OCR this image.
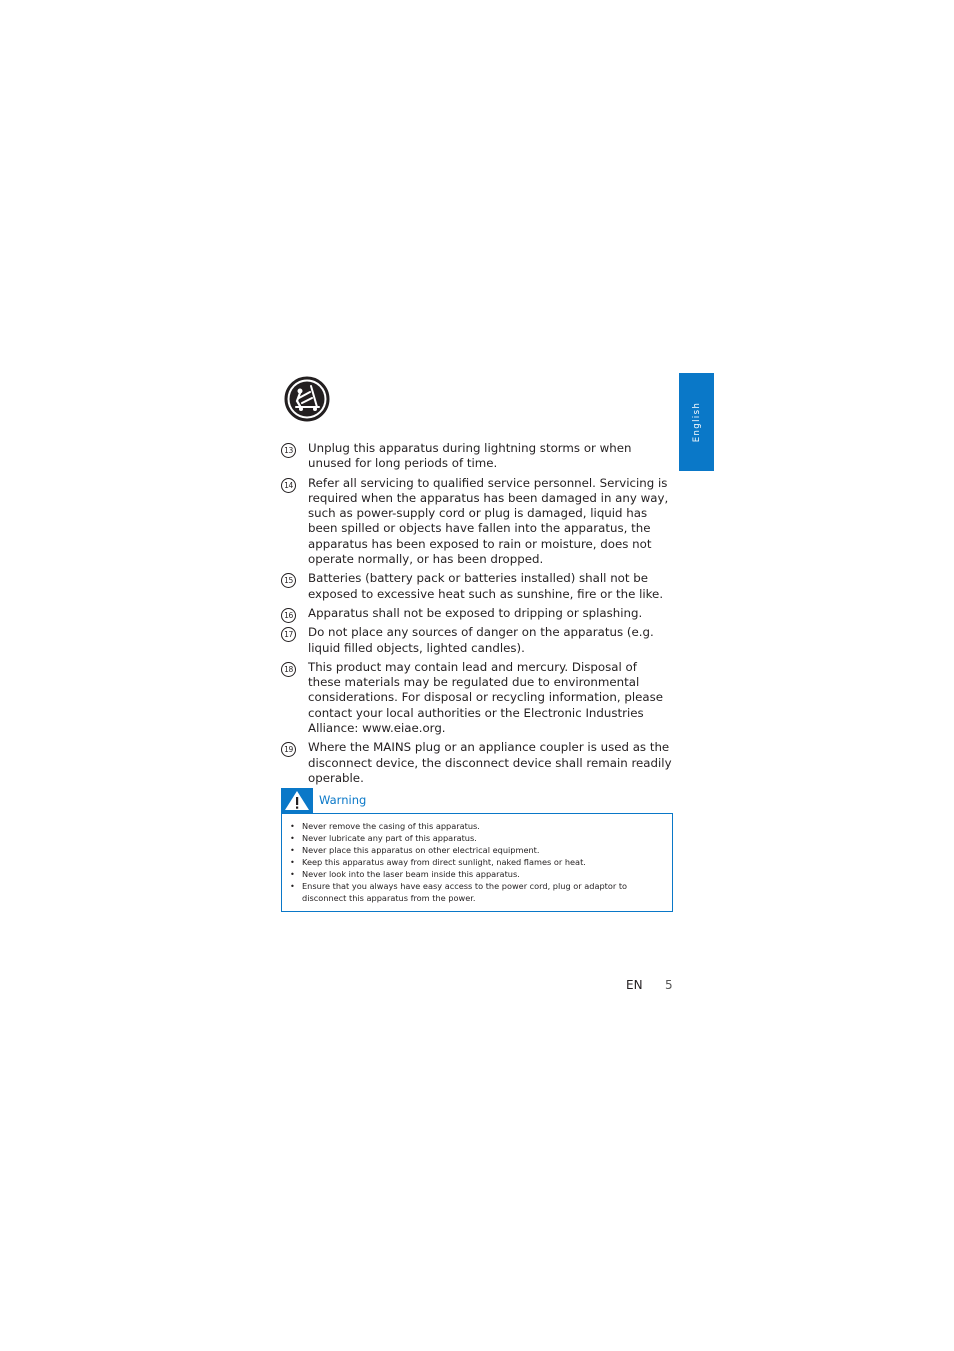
English
13 Unplug this apparatus during lightning storms or when unused for long periods of time.
14 Refer all servicing to qualified service personnel. Servicing is required when the apparatus has been damaged in any way, such as power-supply cord or plug is damaged, liquid has been spilled or objects have fallen into the apparatus, the apparatus has been exposed to rain or moisture, does not operate normally, or has been dropped.
15 Batteries (battery pack or batteries installed) shall not be exposed to excessive heat such as sunshine, fire or the like.
16 Apparatus shall not be exposed to dripping or splashing.
17 Do not place any sources of danger on the apparatus (e.g. liquid filled objects, lighted candles).
18 This product may contain lead and mercury. Disposal of these materials may be regulated due to environmental considerations. For disposal or recycling information, please contact your local authorities or the Electronic Industries Alliance: www.eiae.org.
19 Where the MAINS plug or an appliance coupler is used as the disconnect device, the disconnect device shall remain readily operable.
Warning
• Never remove the casing of this apparatus.
• Never lubricate any part of this apparatus.
• Never place this apparatus on other electrical equipment.
• Keep this apparatus away from direct sunlight, naked flames or heat.
• Never look into the laser beam inside this apparatus.
• Ensure that you always have easy access to the power cord, plug or adaptor to disconnect this apparatus from the power.
EN 5
